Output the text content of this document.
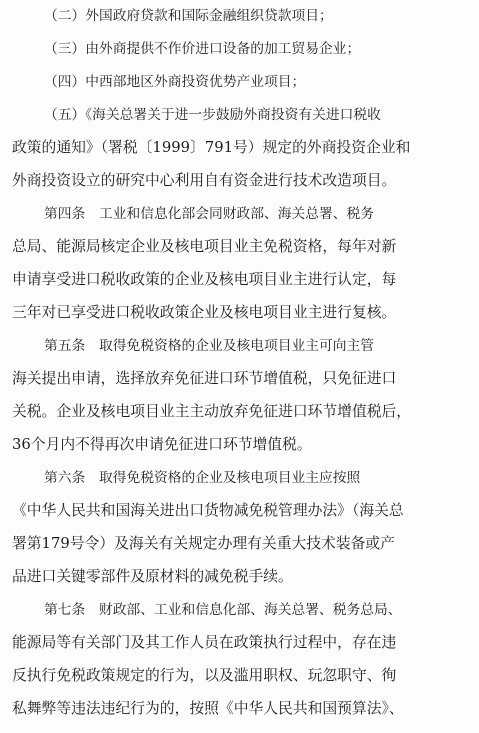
（二）外国政府贷款和国际金融组织贷款项目；
（三）由外商提供不作价进口设备的加工贸易企业；
（四）中西部地区外商投资优势产业项目；
（五）《海关总署关于进一步鼓励外商投资有关进口税收
政策的通知》（署税〔1999〕791号）规定的外商投资企业和
外商投资设立的研究中心利用自有资金进行技术改造项目。
第四条　工业和信息化部会同财政部、海关总署、税务
总局、能源局核定企业及核电项目业主免税资格，每年对新
申请享受进口税收政策的企业及核电项目业主进行认定，每
三年对已享受进口税收政策企业及核电项目业主进行复核。
第五条　取得免税资格的企业及核电项目业主可向主管
海关提出申请，选择放弃免征进口环节增值税，只免征进口
关税。企业及核电项目业主主动放弃免征进口环节增值税后，
36个月内不得再次申请免征进口环节增值税。
第六条　取得免税资格的企业及核电项目业主应按照
《中华人民共和国海关进出口货物减免税管理办法》（海关总
署第179号令）及海关有关规定办理有关重大技术装备或产
品进口关键零部件及原材料的减免税手续。
第七条　财政部、工业和信息化部、海关总署、税务总局、
能源局等有关部门及其工作人员在政策执行过程中，存在违
反执行免税政策规定的行为，以及滥用职权、玩忽职守、徇
私舞弊等违法违纪行为的，按照《中华人民共和国预算法》、
